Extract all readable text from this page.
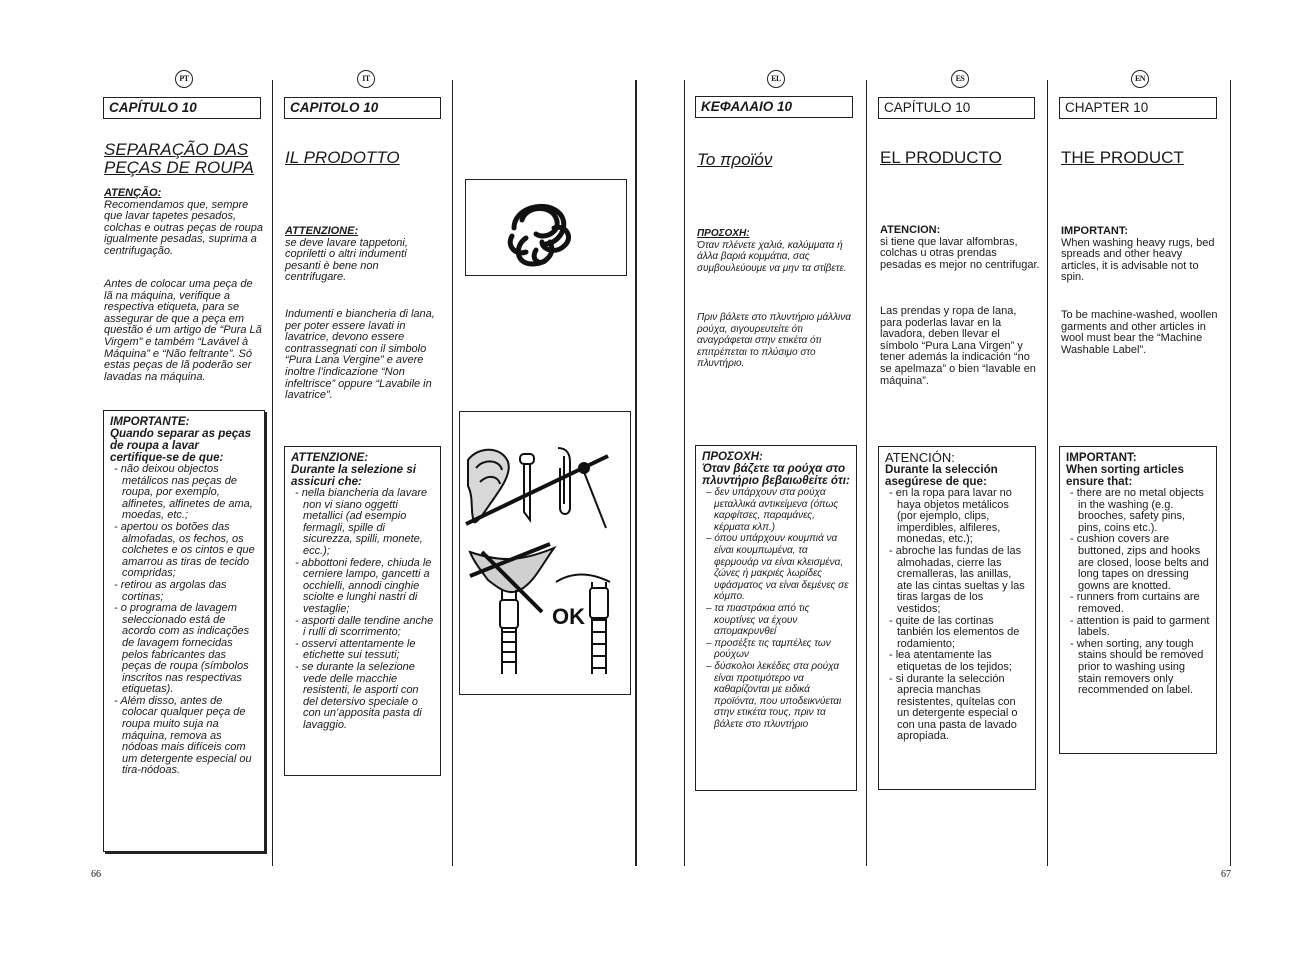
PT	IT	EL	ES	EN
CAPÍTULO 10
SEPARAÇÃO DAS
PEÇAS DE ROUPA

ATENÇÃO:

Recomendamos que, sempre que lavar tapetes pesados, colchas e outras peças de roupa igualmente pesadas, suprima a centrifugação.

Antes de colocar uma peça de lã na máquina, verifique a respectiva etiqueta, para se assegurar de que a peça em questão é um artigo de “Pura Lã Virgem” e também “Lavável à Máquina” e “Não feltrante”. Só estas peças de lã poderão ser lavadas na máquina.
IMPORTANTE:
Quando separar as peças de roupa a lavar certifique-se de que:
- não deixou objectos metálicos nas peças de roupa, por exemplo, alfinetes, alfinetes de ama, moedas, etc.;
- apertou os botões das almofadas, os fechos, os colchetes e os cintos e que amarrou as tiras de tecido compridas;
- retirou as argolas das cortinas;
- o programa de lavagem seleccionado está de acordo com as indicações de lavagem fornecidas pelos fabricantes das peças de roupa (símbolos inscritos nas respectivas etiquetas).
- Além disso, antes de colocar qualquer peça de roupa muito suja na máquina, remova as nódoas mais difíceis com um detergente especial ou tira-nódoas.
CAPITOLO 10
IL PRODOTTO

ATTENZIONE:

se deve lavare tappetoni, copriletti o altri indumenti pesanti è bene non centrifugare.

Indumenti e biancheria di lana, per poter essere lavati in lavatrice, devono essere contrassegnati con il simbolo “Pura Lana Vergine” e avere inoltre l’indicazione “Non infeltrisce” oppure “Lavabile in lavatrice”.
ATTENZIONE:
Durante la selezione si assicuri che:
- nella biancheria da lavare non vi siano oggetti metallici (ad esempio fermagli, spille di sicurezza, spilli, monete, ecc.);
- abbottoni federe, chiuda le cerniere lampo, gancetti a occhielli, annodi cinghie sciolte e lunghi nastri di vestaglie;
- asporti dalle tendine anche i rulli di scorrimento;
- osservi attentamente le etichette sui tessuti;
- se durante la selezione vede delle macchie resistenti, le asporti con del detersivo speciale o con un’apposita pasta di lavaggio.
OK
ΚΕΦΑΛΑΙΟ 10
Το προϊόν

ΠΡΟΣΟΧΗ:

Όταν πλένετε χαλιά, καλύμματα ή άλλα βαριά κομμάτια, σας συμβουλεύουμε να μην τα στίβετε.

Πριν βάλετε στο πλυντήριο μάλλινα ρούχα, σιγουρευτείτε ότι αναγράφεται στην ετικέτα ότι επιτρέπεται το πλύσιμο στο πλυντήριο.
ΠΡΟΣΟΧΗ:
Όταν βάζετε τα ρούχα στο πλυντήριο βεβαιωθείτε ότι:
– δεν υπάρχουν στα ρούχα μεταλλικά αντικείμενα (όπως καρφίτσες, παραμάνες, κέρματα κλπ.)
– όπου υπάρχουν κουμπιά να είναι κουμπωμένα, τα φερμουάρ να είναι κλεισμένα, ζώνες ή μακριές λωρίδες υφάσματος να είναι δεμένες σε κόμπο.
– τα πιαστράκια από τις κουρτίνες να έχουν απομακρυνθεί
– προσέξτε τις ταμπέλες των ρούχων
– δύσκολοι λεκέδες στα ρούχα είναι προτιμότερο να καθαρίζονται με ειδικά προϊόντα, που υποδεικνύεται στην ετικέτα τους, πριν τα βάλετε στο πλυντήριο
CAPÍTULO 10
EL PRODUCTO

ATENCION:

si tiene que lavar alfombras, colchas u otras prendas pesadas es mejor no centrifugar.

Las prendas y ropa de lana, para poderlas lavar en la lavadora, deben llevar el símbolo “Pura Lana Virgen” y tener además la indicación “no se apelmaza” o bien “lavable en máquina”.
ATENCIÓN:
Durante la selección asegúrese de que:
- en la ropa para lavar no haya objetos metálicos (por ejemplo, clips, imperdibles, alfileres, monedas, etc.);
- abroche las fundas de las almohadas, cierre las cremalleras, las anillas, ate las cintas sueltas y las tiras largas de los vestidos;
- quite de las cortinas tanbién los elementos de rodamiento;
- lea atentamente las etiquetas de los tejidos;
- si durante la selección aprecia manchas resistentes, quítelas con un detergente especial o con una pasta de lavado apropiada.
CHAPTER 10
THE PRODUCT

IMPORTANT:

When washing heavy rugs, bed spreads and other heavy articles, it is advisable not to spin.

To be machine-washed, woollen garments and other articles in wool must bear the “Machine Washable Label”.
IMPORTANT:
When sorting articles ensure that:
- there are no metal objects in the washing (e.g. brooches, safety pins, pins, coins etc.).
- cushion covers are buttoned, zips and hooks are closed, loose belts and long tapes on dressing gowns are knotted.
- runners from curtains are removed.
- attention is paid to garment labels.
- when sorting, any tough stains should be removed prior to washing using stain removers only recommended on label.
66	67
